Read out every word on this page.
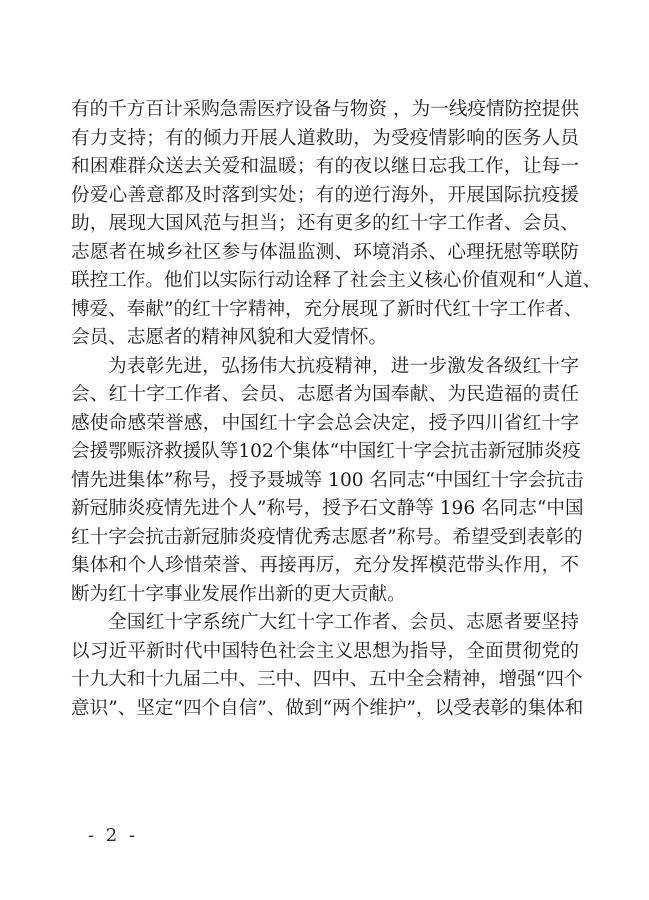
有的千方百计采购急需医疗设备与物资 ，为一线疫情防控提供
有力支持；有的倾力开展人道救助，为受疫情影响的医务人员
和困难群众送去关爱和温暖；有的夜以继日忘我工作，让每一
份爱心善意都及时落到实处；有的逆行海外，开展国际抗疫援
助，展现大国风范与担当；还有更多的红十字工作者、会员、
志愿者在城乡社区参与体温监测、环境消杀、心理抚慰等联防
联控工作。他们以实际行动诠释了社会主义核心价值观和“人道、
博爱、奉献”的红十字精神，充分展现了新时代红十字工作者、
会员、志愿者的精神风貌和大爱情怀。
为表彰先进，弘扬伟大抗疫精神，进一步激发各级红十字
会、红十字工作者、会员、志愿者为国奉献、为民造福的责任
感使命感荣誉感，中国红十字会总会决定，授予四川省红十字
会援鄂赈济救援队等102个集体“中国红十字会抗击新冠肺炎疫
情先进集体”称号，授予聂城等 100 名同志“中国红十字会抗击
新冠肺炎疫情先进个人”称号，授予石文静等 196 名同志“中国
红十字会抗击新冠肺炎疫情优秀志愿者”称号。希望受到表彰的
集体和个人珍惜荣誉、再接再厉，充分发挥模范带头作用，不
断为红十字事业发展作出新的更大贡献。
全国红十字系统广大红十字工作者、会员、志愿者要坚持
以习近平新时代中国特色社会主义思想为指导，全面贯彻党的
十九大和十九届二中、三中、四中、五中全会精神，增强“四个
意识”、坚定“四个自信”、做到“两个维护”，以受表彰的集体和
- 2 -
